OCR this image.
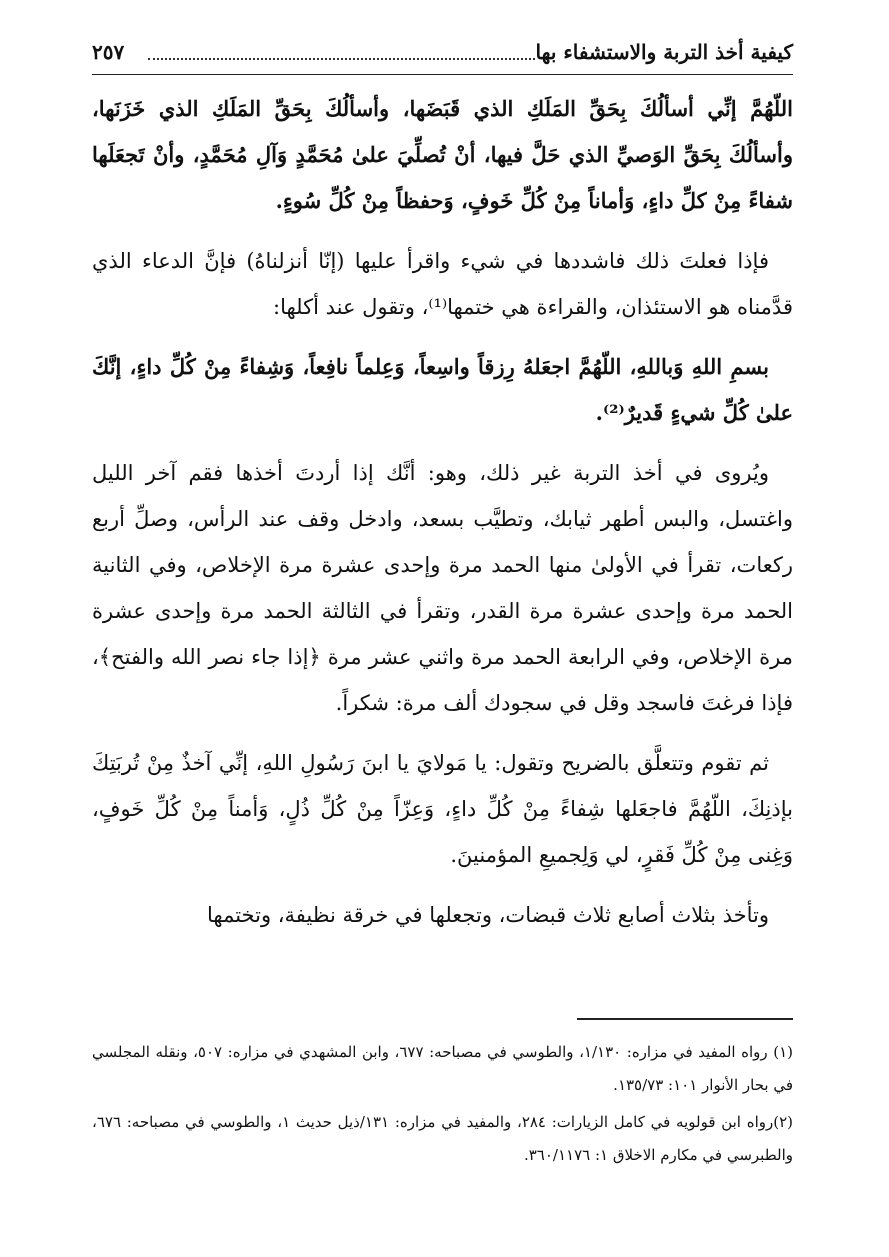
كيفية أخذ التربة والاستشفاء بها
٢٥٧

اللّهُمَّ إنِّي أسألُكَ بِحَقِّ المَلَكِ الذي قَبَضَها، وأسألُكَ بِحَقِّ المَلَكِ الذي خَزَنَها، وأسألُكَ بِحَقِّ الوَصيِّ الذي حَلَّ فيها، أنْ تُصلِّيَ علىٰ مُحَمَّدٍ وَآلِ مُحَمَّدٍ، وأنْ تَجعَلَها شفاءً مِنْ كلِّ داءٍ، وَأماناً مِنْ كُلِّ خَوفٍ، وَحفظاً مِنْ كُلِّ سُوءٍ.

فإذا فعلتَ ذلك فاشددها في شيء واقرأ عليها (إنّا أنزلناهُ) فإنَّ الدعاء الذي قدَّمناه هو الاستئذان، والقراءة هي ختمها⁽¹⁾، وتقول عند أكلها:

بسمِ اللهِ وَباللهِ، اللّهُمَّ اجعَلهُ رِزقاً واسِعاً، وَعِلماً نافِعاً، وَشِفاءً مِنْ كُلِّ داءٍ، إنَّكَ علىٰ كُلِّ شيءٍ قَديرٌ⁽²⁾.

ويُروى في أخذ التربة غير ذلك، وهو: أنَّك إذا أردتَ أخذها فقم آخر الليل واغتسل، والبس أطهر ثيابك، وتطيَّب بسعد، وادخل وقف عند الرأس، وصلِّ أربع ركعات، تقرأ في الأولىٰ منها الحمد مرة وإحدى عشرة مرة الإخلاص، وفي الثانية الحمد مرة وإحدى عشرة مرة القدر، وتقرأ في الثالثة الحمد مرة وإحدى عشرة مرة الإخلاص، وفي الرابعة الحمد مرة واثني عشر مرة ﴿إذا جاء نصر الله والفتح﴾، فإذا فرغتَ فاسجد وقل في سجودك ألف مرة: شكراً.

ثم تقوم وتتعلَّق بالضريح وتقول: يا مَولايَ يا ابنَ رَسُولِ اللهِ، إنِّي آخذٌ مِنْ تُربَتِكَ بإذنِكَ، اللّهُمَّ فاجعَلها شِفاءً مِنْ كُلِّ داءٍ، وَعِزّاً مِنْ كُلِّ ذُلٍ، وَأمناً مِنْ كُلِّ خَوفٍ، وَغِنى مِنْ كُلِّ فَقرٍ، لي وَلِجميعِ المؤمنينَ.

وتأخذ بثلاث أصابع ثلاث قبضات، وتجعلها في خرقة نظيفة، وتختمها

(١) رواه المفيد في مزاره: ١/١٣٠، والطوسي في مصباحه: ٦٧٧، وابن المشهدي في مزاره: ٥٠٧، ونقله المجلسي في بحار الأنوار ١٠١: ١٣٥/٧٣.

(٢)رواه ابن قولويه في كامل الزيارات: ٢٨٤، والمفيد في مزاره: ١٣١/ذيل حديث ١، والطوسي في مصباحه: ٦٧٦، والطبرسي في مكارم الاخلاق ١: ٣٦٠/١١٧٦.
